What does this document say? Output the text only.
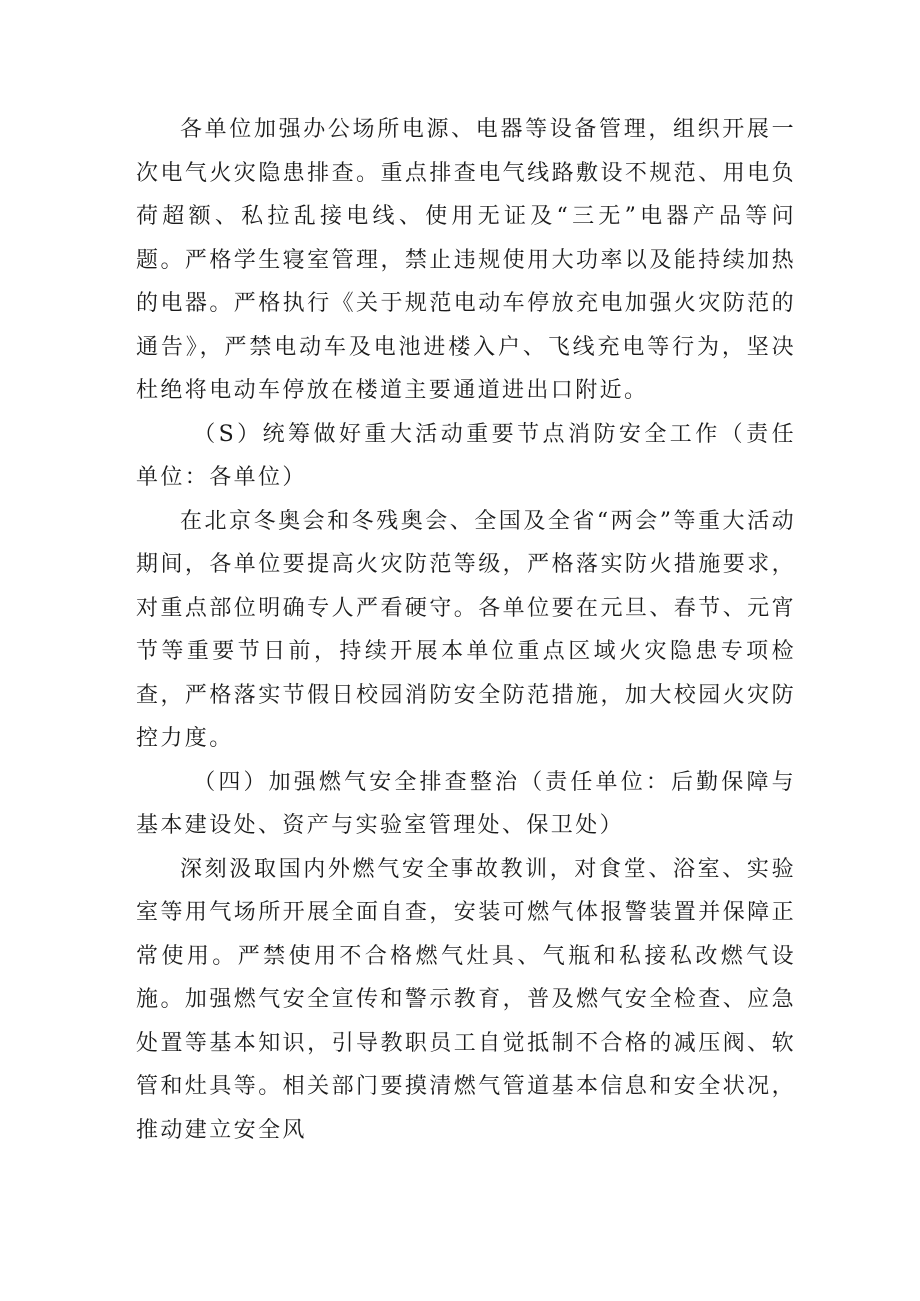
各单位加强办公场所电源、电器等设备管理，组织开展一次电气火灾隐患排查。重点排查电气线路敷设不规范、用电负荷超额、私拉乱接电线、使用无证及“三无”电器产品等问题。严格学生寝室管理，禁止违规使用大功率以及能持续加热的电器。严格执行《关于规范电动车停放充电加强火灾防范的通告》，严禁电动车及电池进楼入户、飞线充电等行为，坚决杜绝将电动车停放在楼道主要通道进出口附近。

（S）统筹做好重大活动重要节点消防安全工作（责任单位：各单位）

在北京冬奥会和冬残奥会、全国及全省“两会”等重大活动期间，各单位要提高火灾防范等级，严格落实防火措施要求，对重点部位明确专人严看硬守。各单位要在元旦、春节、元宵节等重要节日前，持续开展本单位重点区域火灾隐患专项检查，严格落实节假日校园消防安全防范措施，加大校园火灾防控力度。

（四）加强燃气安全排查整治（责任单位：后勤保障与基本建设处、资产与实验室管理处、保卫处）

深刻汲取国内外燃气安全事故教训，对食堂、浴室、实验室等用气场所开展全面自查，安装可燃气体报警装置并保障正常使用。严禁使用不合格燃气灶具、气瓶和私接私改燃气设施。加强燃气安全宣传和警示教育，普及燃气安全检查、应急处置等基本知识，引导教职员工自觉抵制不合格的减压阀、软管和灶具等。相关部门要摸清燃气管道基本信息和安全状况，推动建立安全风
